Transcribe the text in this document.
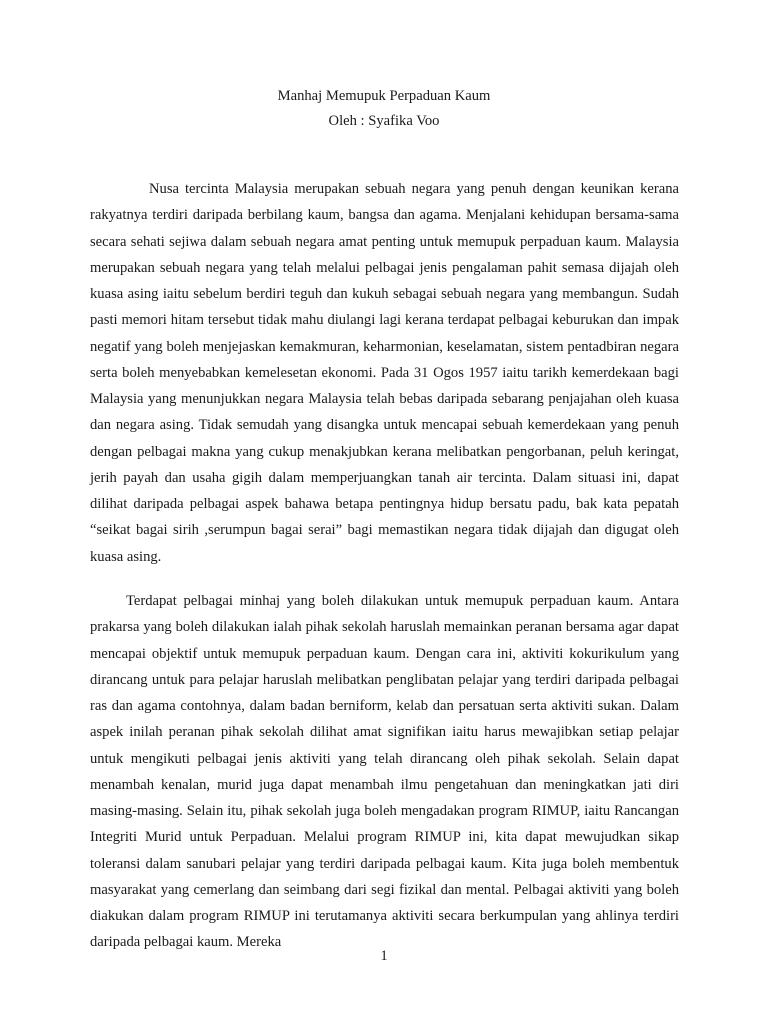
Manhaj Memupuk Perpaduan Kaum
Oleh : Syafika Voo

Nusa tercinta Malaysia merupakan sebuah negara yang penuh dengan keunikan kerana rakyatnya terdiri daripada berbilang kaum, bangsa dan agama. Menjalani kehidupan bersama-sama secara sehati sejiwa dalam sebuah negara amat penting untuk memupuk perpaduan kaum. Malaysia merupakan sebuah negara yang telah melalui pelbagai jenis pengalaman pahit semasa dijajah oleh kuasa asing iaitu sebelum berdiri teguh dan kukuh sebagai sebuah negara yang membangun. Sudah pasti memori hitam tersebut tidak mahu diulangi lagi kerana terdapat pelbagai keburukan dan impak negatif yang boleh menjejaskan kemakmuran, keharmonian, keselamatan, sistem pentadbiran negara serta boleh menyebabkan kemelesetan ekonomi. Pada 31 Ogos 1957 iaitu tarikh kemerdekaan bagi Malaysia yang menunjukkan negara Malaysia telah bebas daripada sebarang penjajahan oleh kuasa dan negara asing. Tidak semudah yang disangka untuk mencapai sebuah kemerdekaan yang penuh dengan pelbagai makna yang cukup menakjubkan kerana melibatkan pengorbanan, peluh keringat, jerih payah dan usaha gigih dalam memperjuangkan tanah air tercinta. Dalam situasi ini, dapat dilihat daripada pelbagai aspek bahawa betapa pentingnya hidup bersatu padu, bak kata pepatah “seikat bagai sirih ,serumpun bagai serai” bagi memastikan negara tidak dijajah dan digugat oleh kuasa asing.

Terdapat pelbagai minhaj yang boleh dilakukan untuk memupuk perpaduan kaum. Antara prakarsa yang boleh dilakukan ialah pihak sekolah haruslah memainkan peranan bersama agar dapat mencapai objektif untuk memupuk perpaduan kaum. Dengan cara ini, aktiviti kokurikulum yang dirancang untuk para pelajar haruslah melibatkan penglibatan pelajar yang terdiri daripada pelbagai ras dan agama contohnya, dalam badan berniform, kelab dan persatuan serta aktiviti sukan. Dalam aspek inilah peranan pihak sekolah dilihat amat signifikan iaitu harus mewajibkan setiap pelajar untuk mengikuti pelbagai jenis aktiviti yang telah dirancang oleh pihak sekolah. Selain dapat menambah kenalan, murid juga dapat menambah ilmu pengetahuan dan meningkatkan jati diri masing-masing. Selain itu, pihak sekolah juga boleh mengadakan program RIMUP, iaitu Rancangan Integriti Murid untuk Perpaduan. Melalui program RIMUP ini, kita dapat mewujudkan sikap toleransi dalam sanubari pelajar yang terdiri daripada pelbagai kaum. Kita juga boleh membentuk masyarakat yang cemerlang dan seimbang dari segi fizikal dan mental. Pelbagai aktiviti yang boleh diakukan dalam program RIMUP ini terutamanya aktiviti secara berkumpulan yang ahlinya terdiri daripada pelbagai kaum. Mereka

1
